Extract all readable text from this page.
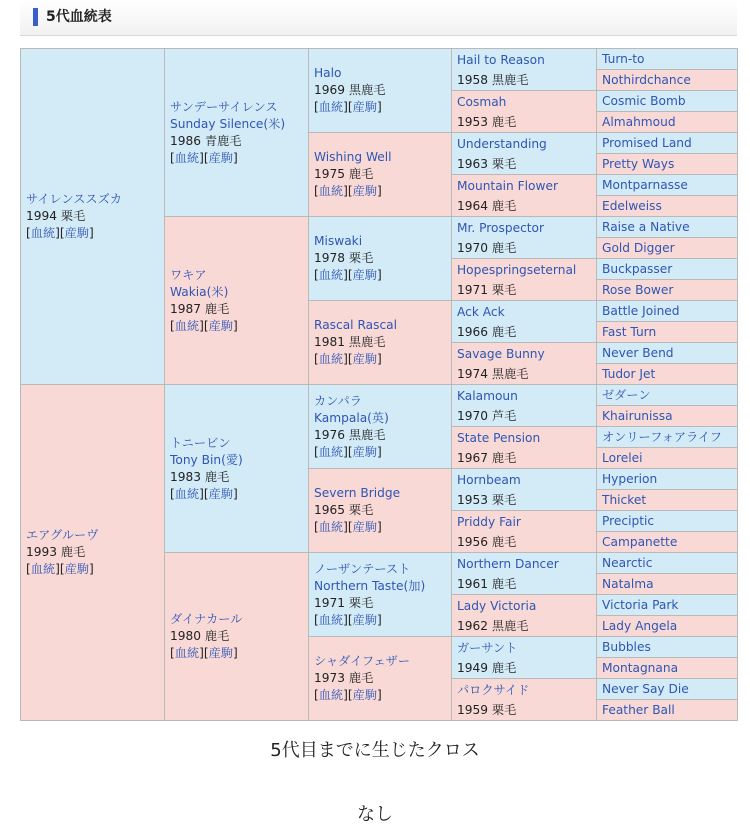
5代血統表
サイレンススズカ
1994 栗毛
[血統][産駒]	サンデーサイレンス
Sunday Silence(米)
1986 青鹿毛
[血統][産駒]	Halo
1969 黒鹿毛
[血統][産駒]	Hail to Reason
1958 黒鹿毛	Turn-to
				Nothirdchance
			Cosmah
1953 鹿毛	Cosmic Bomb
				Almahmoud
		Wishing Well
1975 鹿毛
[血統][産駒]	Understanding
1963 栗毛	Promised Land
				Pretty Ways
			Mountain Flower
1964 鹿毛	Montparnasse
				Edelweiss
	ワキア
Wakia(米)
1987 鹿毛
[血統][産駒]	Miswaki
1978 栗毛
[血統][産駒]	Mr. Prospector
1970 鹿毛	Raise a Native
				Gold Digger
			Hopespringseternal
1971 栗毛	Buckpasser
				Rose Bower
		Rascal Rascal
1981 黒鹿毛
[血統][産駒]	Ack Ack
1966 鹿毛	Battle Joined
				Fast Turn
			Savage Bunny
1974 黒鹿毛	Never Bend
				Tudor Jet
エアグルーヴ
1993 鹿毛
[血統][産駒]	トニービン
Tony Bin(愛)
1983 鹿毛
[血統][産駒]	カンパラ
Kampala(英)
1976 黒鹿毛
[血統][産駒]	Kalamoun
1970 芦毛	ゼダーン
				Khairunissa
			State Pension
1967 鹿毛	オンリーフォアライフ
				Lorelei
		Severn Bridge
1965 栗毛
[血統][産駒]	Hornbeam
1953 栗毛	Hyperion
				Thicket
			Priddy Fair
1956 鹿毛	Preciptic
				Campanette
	ダイナカール
1980 鹿毛
[血統][産駒]	ノーザンテースト
Northern Taste(加)
1971 栗毛
[血統][産駒]	Northern Dancer
1961 鹿毛	Nearctic
				Natalma
			Lady Victoria
1962 黒鹿毛	Victoria Park
				Lady Angela
		シャダイフェザー
1973 鹿毛
[血統][産駒]	ガーサント
1949 鹿毛	Bubbles
				Montagnana
			パロクサイド
1959 栗毛	Never Say Die
				Feather Ball
5代目までに生じたクロス
なし
